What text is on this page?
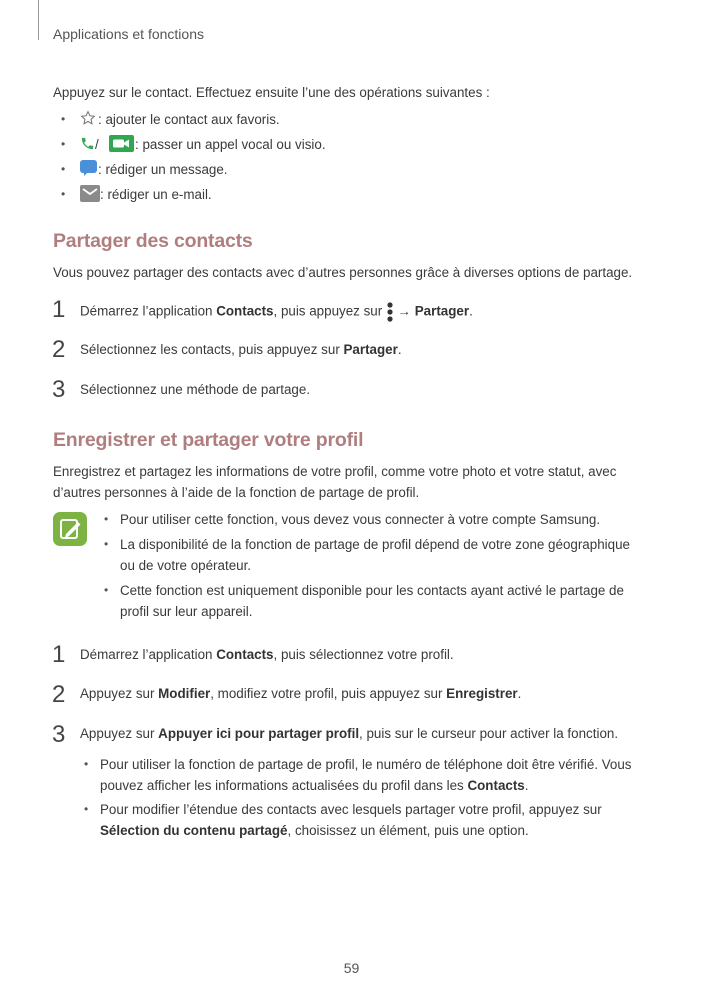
Applications et fonctions
Appuyez sur le contact. Effectuez ensuite l’une des opérations suivantes :
• : ajouter le contact aux favoris.
• /	: passer un appel vocal ou visio.
• : rédiger un message.
•	: rédiger un e-mail.
Partager des contacts
Vous pouvez partager des contacts avec d’autres personnes grâce à diverses options de partage.
1 Démarrez l’application Contacts, puis appuyez sur  → Partager.
2 Sélectionnez les contacts, puis appuyez sur Partager.
3 Sélectionnez une méthode de partage.
Enregistrer et partager votre profil
Enregistrez et partagez les informations de votre profil, comme votre photo et votre statut, avec
d’autres personnes à l’aide de la fonction de partage de profil.
• Pour utiliser cette fonction, vous devez vous connecter à votre compte Samsung.
• La disponibilité de la fonction de partage de profil dépend de votre zone géographique
ou de votre opérateur.
• Cette fonction est uniquement disponible pour les contacts ayant activé le partage de
profil sur leur appareil.
1 Démarrez l’application Contacts, puis sélectionnez votre profil.
2 Appuyez sur Modifier, modifiez votre profil, puis appuyez sur Enregistrer.
3 Appuyez sur Appuyer ici pour partager profil, puis sur le curseur pour activer la fonction.
• Pour utiliser la fonction de partage de profil, le numéro de téléphone doit être vérifié. Vous
pouvez afficher les informations actualisées du profil dans les Contacts.
• Pour modifier l’étendue des contacts avec lesquels partager votre profil, appuyez sur
Sélection du contenu partagé, choisissez un élément, puis une option.
59
